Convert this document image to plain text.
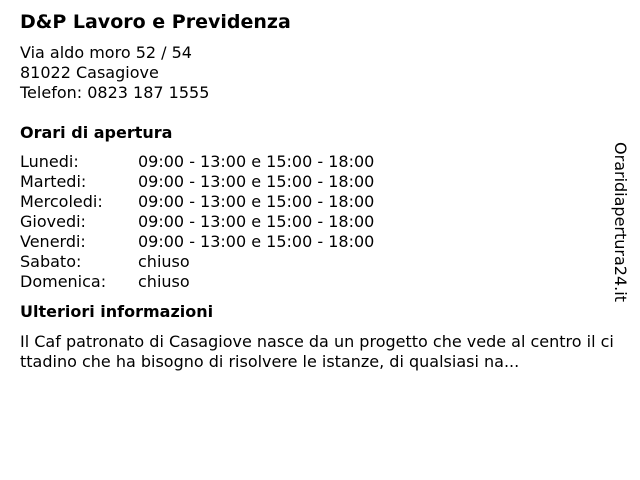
D&P Lavoro e Previdenza
Via aldo moro 52 / 54
81022 Casagiove
Telefon: 0823 187 1555
Orari di apertura
Lunedi:	09:00 - 13:00 e 15:00 - 18:00
Martedi:	09:00 - 13:00 e 15:00 - 18:00
Mercoledi:	09:00 - 13:00 e 15:00 - 18:00
Giovedi:	09:00 - 13:00 e 15:00 - 18:00
Venerdi:	09:00 - 13:00 e 15:00 - 18:00
Sabato:	chiuso
Domenica:	chiuso
Ulteriori informazioni

Il Caf patronato di Casagiove nasce da un progetto che vede al centro il cittadino che ha bisogno di risolvere le istanze, di qualsiasi na...

Oraridiapertura24.it
